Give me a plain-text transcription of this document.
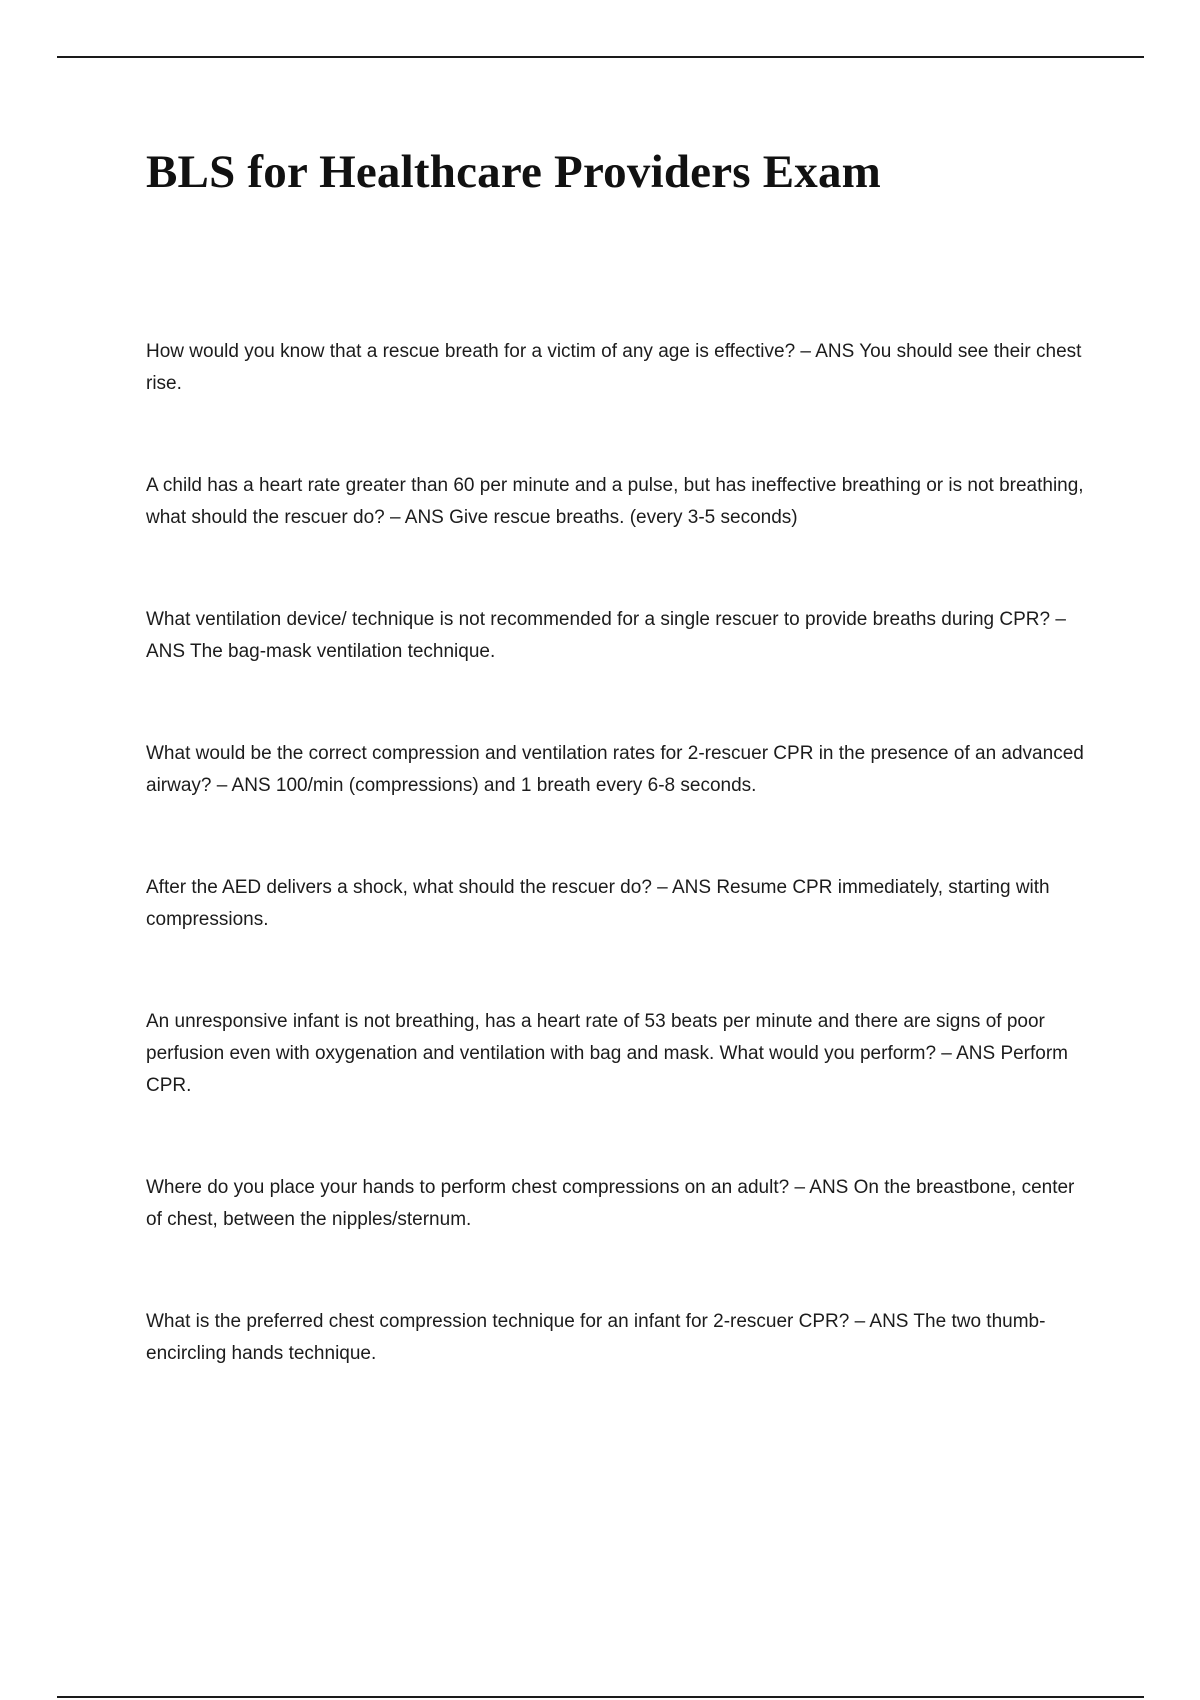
BLS for Healthcare Providers Exam
Get a hint
How would you know that a rescue breath for a victim of any age is effective? – ANS You should see their chest rise.
A child has a heart rate greater than 60 per minute and a pulse, but has ineffective breathing or is not breathing, what should the rescuer do? – ANS Give rescue breaths. (every 3-5 seconds)
What ventilation device/ technique is not recommended for a single rescuer to provide breaths during CPR? – ANS The bag-mask ventilation technique.
What would be the correct compression and ventilation rates for 2-rescuer CPR in the presence of an advanced airway? – ANS 100/min (compressions) and 1 breath every 6-8 seconds.
After the AED delivers a shock, what should the rescuer do? – ANS Resume CPR immediately, starting with compressions.
An unresponsive infant is not breathing, has a heart rate of 53 beats per minute and there are signs of poor perfusion even with oxygenation and ventilation with bag and mask. What would you perform? – ANS Perform CPR.
Where do you place your hands to perform chest compressions on an adult? – ANS On the breastbone, center of chest, between the nipples/sternum.
What is the preferred chest compression technique for an infant for 2-rescuer CPR? – ANS The two thumb-encircling hands technique.
